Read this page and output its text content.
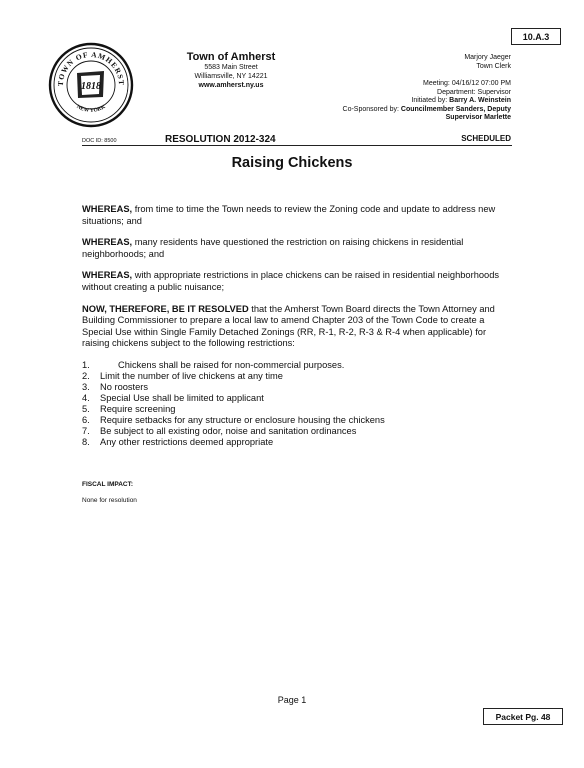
10.A.3
TOWN OF AMHERST
NEW YORK
1818
Town of Amherst
5583 Main Street
Williamsville, NY 14221
www.amherst.ny.us
Marjory Jaeger
Town Clerk
Meeting: 04/16/12 07:00 PM
Department: Supervisor
Initiated by: Barry A. Weinstein
Co-Sponsored by: Councilmember Sanders, Deputy
Supervisor Marlette
DOC ID: 8500	RESOLUTION 2012-324	SCHEDULED
Raising Chickens

WHEREAS, from time to time the Town needs to review the Zoning code and update to address new situations; and

WHEREAS, many residents have questioned the restriction on raising chickens in residential neighborhoods; and

WHEREAS, with appropriate restrictions in place chickens can be raised in residential neighborhoods without creating a public nuisance;

NOW, THEREFORE, BE IT RESOLVED that the Amherst Town Board directs the Town Attorney and Building Commissioner to prepare a local law to amend Chapter 203 of the Town Code to create a Special Use within Single Family Detached Zonings (RR, R-1, R-2, R-3 & R-4 when applicable) for raising chickens subject to the following restrictions:

1.	Chickens shall be raised for non-commercial purposes.
2.	Limit the number of live chickens at any time
3.	No roosters
4.	Special Use shall be limited to applicant
5.	Require screening
6.	Require setbacks for any structure or enclosure housing the chickens
7.	Be subject to all existing odor, noise and sanitation ordinances
8.	Any other restrictions deemed appropriate
FISCAL IMPACT:
None for resolution
Page 1
Packet Pg. 48
